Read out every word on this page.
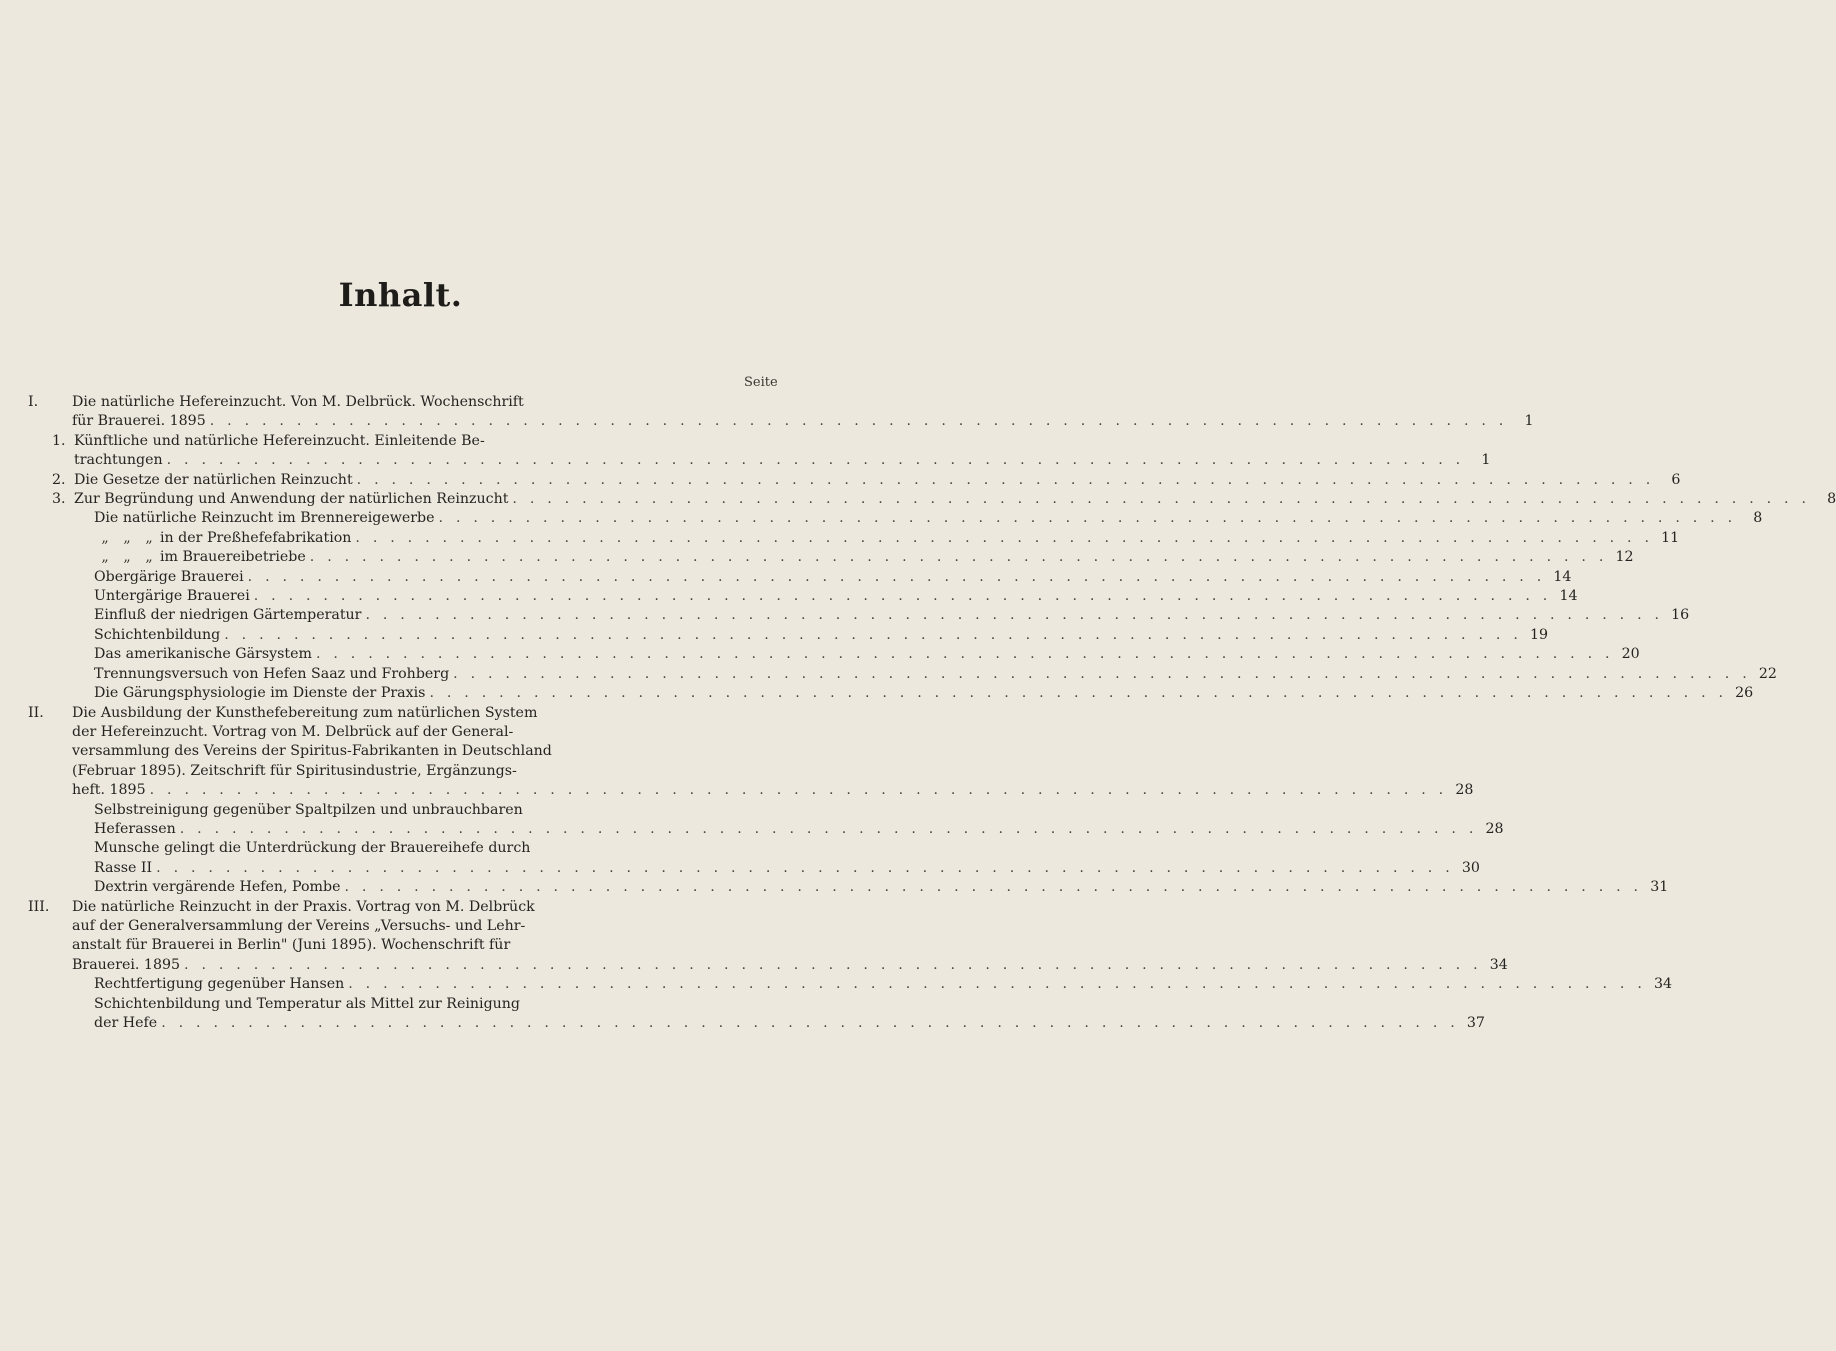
Inhalt.
Seite
I.	Die natürliche Hefereinzucht. Von M. Delbrück. Wochenschrift
für Brauerei. 1895 . . .	1
1. Künftliche und natürliche Hefereinzucht. Einleitende Be-
trachtungen . . .	1
2. Die Gesetze der natürlichen Reinzucht . . .	6
3. Zur Begründung und Anwendung der natürlichen Reinzucht . . .	8
Die natürliche Reinzucht im Brennereigewerbe . . .	8
„	„	„ in der Preßhefefabrikation . . .	11
„	„	„ im Brauereibetriebe . . .	12
Obergärige Brauerei . . .	14
Untergärige Brauerei . . .	14
Einfluß der niedrigen Gärtemperatur . . .	16
Schichtenbildung . . .	19
Das amerikanische Gärsystem . . .	20
Trennungsversuch von Hefen Saaz und Frohberg . . .	22
Die Gärungsphysiologie im Dienste der Praxis . . .	26
II.	Die Ausbildung der Kunsthefebereitung zum natürlichen System
der Hefereinzucht. Vortrag von M. Delbrück auf der General-
versammlung des Vereins der Spiritus-Fabrikanten in Deutschland
(Februar 1895). Zeitschrift für Spiritusindustrie, Ergänzungs-
heft. 1895 . . .	28
Selbstreinigung gegenüber Spaltpilzen und unbrauchbaren
Heferassen . . .	28
Munsche gelingt die Unterdrückung der Brauereihefe durch
Rasse II . . .	30
Dextrin vergärende Hefen, Pombe . . .	31
III.	Die natürliche Reinzucht in der Praxis. Vortrag von M. Delbrück
auf der Generalversammlung der Vereins „Versuchs- und Lehr-
anstalt für Brauerei in Berlin" (Juni 1895). Wochenschrift für
Brauerei. 1895 . . .	34
Rechtfertigung gegenüber Hansen . . .	34
Schichtenbildung und Temperatur als Mittel zur Reinigung
der Hefe . . .	37
